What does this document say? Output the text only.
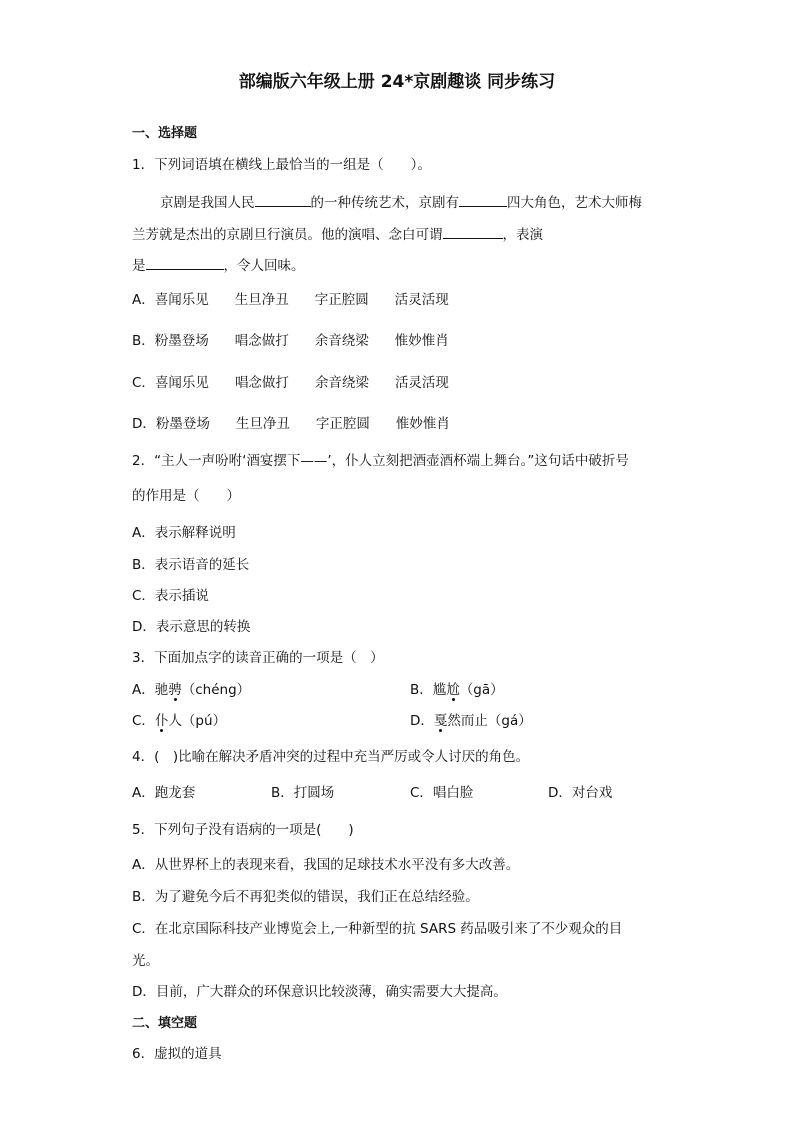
部编版六年级上册 24*京剧趣谈 同步练习
一、选择题
1．下列词语填在横线上最恰当的一组是（　　）。
京剧是我国人民	的一种传统艺术，京剧有	四大角色，艺术大师梅
兰芳就是杰出的京剧旦行演员。他的演唱、念白可谓	，表演
是	，令人回味。
A．喜闻乐见 生旦净丑 字正腔圆 活灵活现
B．粉墨登场 唱念做打 余音绕梁 惟妙惟肖
C．喜闻乐见 唱念做打 余音绕梁 活灵活现
D．粉墨登场 生旦净丑 字正腔圆 惟妙惟肖
2．“主人一声吩咐‘酒宴摆下——’，仆人立刻把酒壶酒杯端上舞台。”这句话中破折号
的作用是（　　）
A．表示解释说明
B．表示语音的延长
C．表示插说
D．表示意思的转换
3．下面加点字的读音正确的一项是（　）
A．驰骋（chéng）	B．尴尬（gā）
C．仆人（pú）	D．戛然而止（gá）
4．(　)比喻在解决矛盾冲突的过程中充当严厉或令人讨厌的角色。
A．跑龙套	B．打圆场	C．唱白脸	D．对台戏
5．下列句子没有语病的一项是(　　)
A．从世界杯上的表现来看，我国的足球技术水平没有多大改善。
B．为了避免今后不再犯类似的错误，我们正在总结经验。
C．在北京国际科技产业博览会上,一种新型的抗 SARS 药品吸引来了不少观众的目
光。
D．目前，广大群众的环保意识比较淡薄，确实需要大大提高。
二、填空题
6．虚拟的道具
